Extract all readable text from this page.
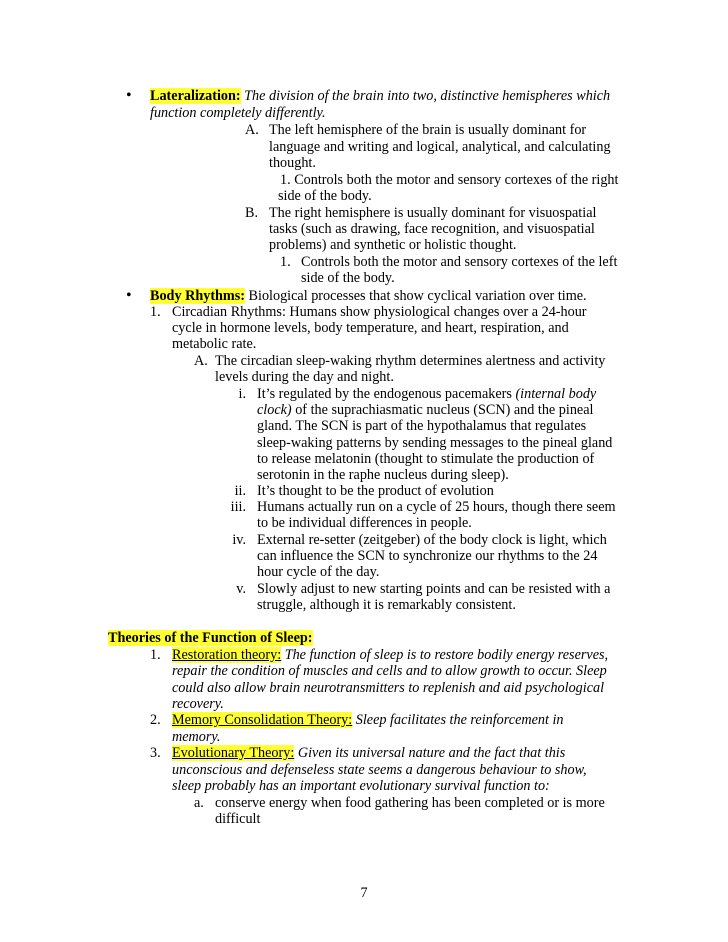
• Lateralization: The division of the brain into two, distinctive hemispheres which
function completely differently.
A. The left hemisphere of the brain is usually dominant for
language and writing and logical, analytical, and calculating
thought.
1. Controls both the motor and sensory cortexes of the right
side of the body.
B. The right hemisphere is usually dominant for visuospatial
tasks (such as drawing, face recognition, and visuospatial
problems) and synthetic or holistic thought.
1. Controls both the motor and sensory cortexes of the left
side of the body.
• Body Rhythms: Biological processes that show cyclical variation over time.
1. Circadian Rhythms: Humans show physiological changes over a 24-hour
cycle in hormone levels, body temperature, and heart, respiration, and
metabolic rate.
A. The circadian sleep-waking rhythm determines alertness and activity
levels during the day and night.
i. It’s regulated by the endogenous pacemakers (internal body
clock) of the suprachiasmatic nucleus (SCN) and the pineal
gland. The SCN is part of the hypothalamus that regulates
sleep-waking patterns by sending messages to the pineal gland
to release melatonin (thought to stimulate the production of
serotonin in the raphe nucleus during sleep).
ii. It’s thought to be the product of evolution
iii. Humans actually run on a cycle of 25 hours, though there seem
to be individual differences in people.
iv. External re-setter (zeitgeber) of the body clock is light, which
can influence the SCN to synchronize our rhythms to the 24
hour cycle of the day.
v. Slowly adjust to new starting points and can be resisted with a
struggle, although it is remarkably consistent.
Theories of the Function of Sleep:
1. Restoration theory: The function of sleep is to restore bodily energy reserves,
repair the condition of muscles and cells and to allow growth to occur. Sleep
could also allow brain neurotransmitters to replenish and aid psychological
recovery.
2. Memory Consolidation Theory: Sleep facilitates the reinforcement in
memory.
3. Evolutionary Theory: Given its universal nature and the fact that this
unconscious and defenseless state seems a dangerous behaviour to show,
sleep probably has an important evolutionary survival function to:
a. conserve energy when food gathering has been completed or is more
difficult
7
